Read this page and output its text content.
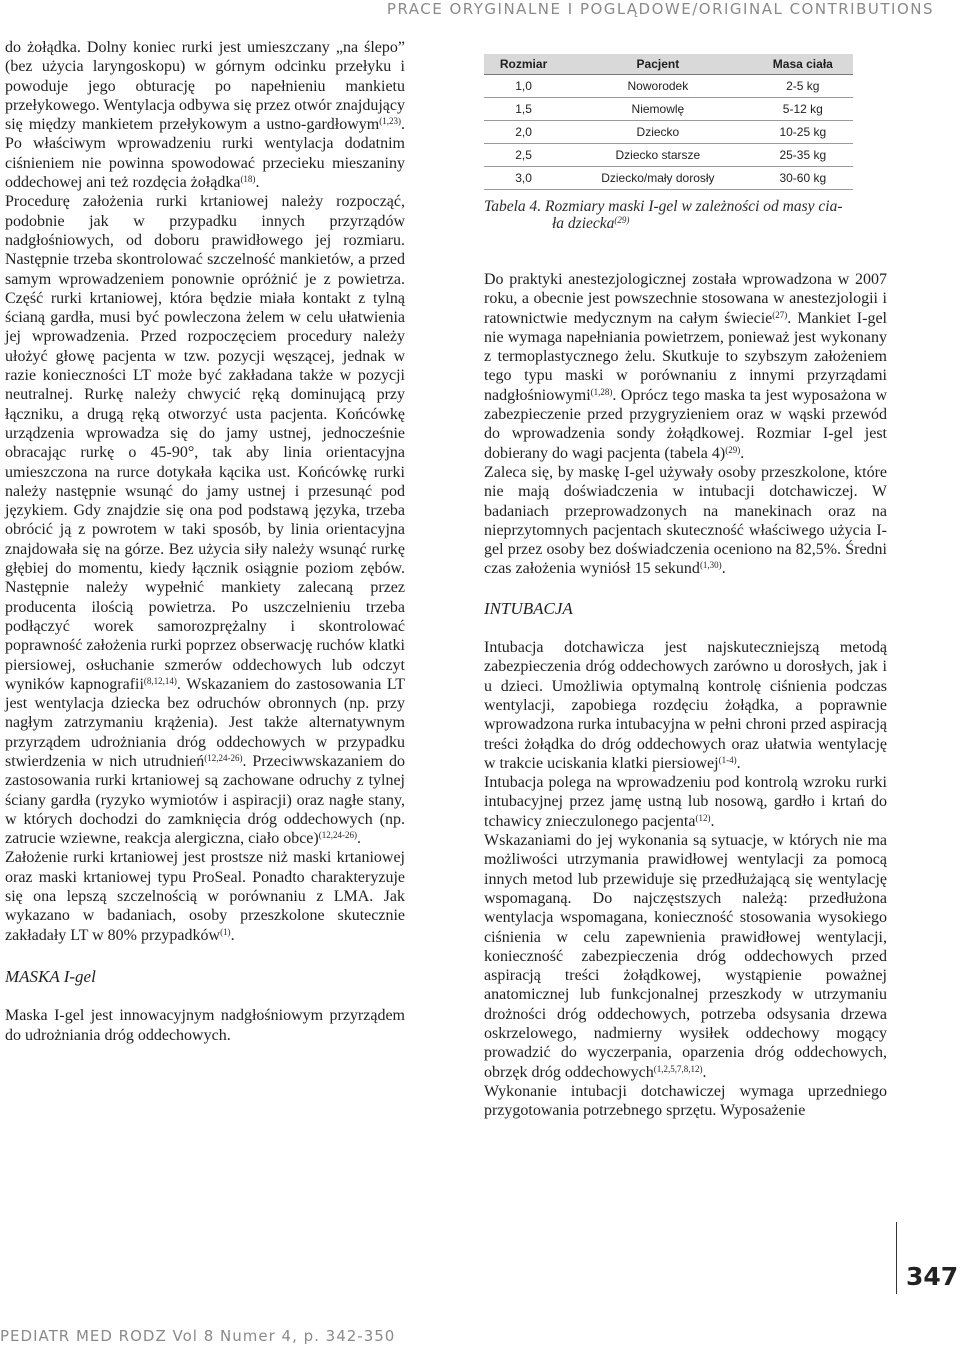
PRACE ORYGINALNE I POGLĄDOWE/ORIGINAL CONTRIBUTIONS

do żołądka. Dolny koniec rurki jest umieszczany „na ślepo” (bez użycia laryngoskopu) w górnym odcinku przełyku i powoduje jego obturację po napełnieniu mankietu przełykowego. Wentylacja odbywa się przez otwór znajdujący się między mankietem przełykowym a ustno-gardłowym$^{(1,23)}$. Po właściwym wprowadzeniu rurki wentylacja dodatnim ciśnieniem nie powinna spowodować przecieku mieszaniny oddechowej ani też rozdęcia żołądka$^{(18)}$.

Procedurę założenia rurki krtaniowej należy rozpocząć, podobnie jak w przypadku innych przyrządów nadgłośniowych, od doboru prawidłowego jej rozmiaru. Następnie trzeba skontrolować szczelność mankietów, a przed samym wprowadzeniem ponownie opróżnić je z powietrza. Część rurki krtaniowej, która będzie miała kontakt z tylną ścianą gardła, musi być powleczona żelem w celu ułatwienia jej wprowadzenia. Przed rozpoczęciem procedury należy ułożyć głowę pacjenta w tzw. pozycji węszącej, jednak w razie konieczności LT może być zakładana także w pozycji neutralnej. Rurkę należy chwycić ręką dominującą przy łączniku, a drugą ręką otworzyć usta pacjenta. Końcówkę urządzenia wprowadza się do jamy ustnej, jednocześnie obracając rurkę o 45-90°, tak aby linia orientacyjna umieszczona na rurce dotykała kącika ust. Końcówkę rurki należy następnie wsunąć do jamy ustnej i przesunąć pod językiem. Gdy znajdzie się ona pod podstawą języka, trzeba obrócić ją z powrotem w taki sposób, by linia orientacyjna znajdowała się na górze. Bez użycia siły należy wsunąć rurkę głębiej do momentu, kiedy łącznik osiągnie poziom zębów. Następnie należy wypełnić mankiety zalecaną przez producenta ilością powietrza. Po uszczelnieniu trzeba podłączyć worek samorozprężalny i skontrolować poprawność założenia rurki poprzez obserwację ruchów klatki piersiowej, osłuchanie szmerów oddechowych lub odczyt wyników kapnografii$^{(8,12,14)}$. Wskazaniem do zastosowania LT jest wentylacja dziecka bez odruchów obronnych (np. przy nagłym zatrzymaniu krążenia). Jest także alternatywnym przyrządem udrożniania dróg oddechowych w przypadku stwierdzenia w nich utrudnień$^{(12,24-26)}$. Przeciwwskazaniem do zastosowania rurki krtaniowej są zachowane odruchy z tylnej ściany gardła (ryzyko wymiotów i aspiracji) oraz nagłe stany, w których dochodzi do zamknięcia dróg oddechowych (np. zatrucie wziewne, reakcja alergiczna, ciało obce)$^{(12,24-26)}$.

Założenie rurki krtaniowej jest prostsze niż maski krtaniowej oraz maski krtaniowej typu ProSeal. Ponadto charakteryzuje się ona lepszą szczelnością w porównaniu z LMA. Jak wykazano w badaniach, osoby przeszkolone skutecznie zakładały LT w 80% przypadków$^{(1)}$.

MASKA I-gel

Maska I-gel jest innowacyjnym nadgłośniowym przyrządem do udrożniania dróg oddechowych.

Rozmiar	Pacjent	Masa ciała
1,0	Noworodek	2-5 kg
1,5	Niemowlę	5-12 kg
2,0	Dziecko	10-25 kg
2,5	Dziecko starsze	25-35 kg
3,0	Dziecko/mały dorosły	30-60 kg
Tabela 4. Rozmiary maski I-gel w zależności od masy cia-
ła dziecka$^{(29)}$

Do praktyki anestezjologicznej została wprowadzona w 2007 roku, a obecnie jest powszechnie stosowana w anestezjologii i ratownictwie medycznym na całym świecie$^{(27)}$. Mankiet I-gel nie wymaga napełniania powietrzem, ponieważ jest wykonany z termoplastycznego żelu. Skutkuje to szybszym założeniem tego typu maski w porównaniu z innymi przyrządami nadgłośniowymi$^{(1,28)}$. Oprócz tego maska ta jest wyposażona w zabezpieczenie przed przygryzieniem oraz w wąski przewód do wprowadzenia sondy żołądkowej. Rozmiar I-gel jest dobierany do wagi pacjenta (tabela 4)$^{(29)}$.

Zaleca się, by maskę I-gel używały osoby przeszkolone, które nie mają doświadczenia w intubacji dotchawiczej. W badaniach przeprowadzonych na manekinach oraz na nieprzytomnych pacjentach skuteczność właściwego użycia I-gel przez osoby bez doświadczenia oceniono na 82,5%. Średni czas założenia wyniósł 15 sekund$^{(1,30)}$.

INTUBACJA

Intubacja dotchawicza jest najskuteczniejszą metodą zabezpieczenia dróg oddechowych zarówno u dorosłych, jak i u dzieci. Umożliwia optymalną kontrolę ciśnienia podczas wentylacji, zapobiega rozdęciu żołądka, a poprawnie wprowadzona rurka intubacyjna w pełni chroni przed aspiracją treści żołądka do dróg oddechowych oraz ułatwia wentylację w trakcie uciskania klatki piersiowej$^{(1-4)}$.

Intubacja polega na wprowadzeniu pod kontrolą wzroku rurki intubacyjnej przez jamę ustną lub nosową, gardło i krtań do tchawicy znieczulonego pacjenta$^{(12)}$.

Wskazaniami do jej wykonania są sytuacje, w których nie ma możliwości utrzymania prawidłowej wentylacji za pomocą innych metod lub przewiduje się przedłużającą się wentylację wspomaganą. Do najczęstszych należą: przedłużona wentylacja wspomagana, konieczność stosowania wysokiego ciśnienia w celu zapewnienia prawidłowej wentylacji, konieczność zabezpieczenia dróg oddechowych przed aspiracją treści żołądkowej, wystąpienie poważnej anatomicznej lub funkcjonalnej przeszkody w utrzymaniu drożności dróg oddechowych, potrzeba odsysania drzewa oskrzelowego, nadmierny wysiłek oddechowy mogący prowadzić do wyczerpania, oparzenia dróg oddechowych, obrzęk dróg oddechowych$^{(1,2,5,7,8,12)}$.

Wykonanie intubacji dotchawiczej wymaga uprzedniego przygotowania potrzebnego sprzętu. Wyposażenie

347
PEDIATR MED RODZ Vol 8 Numer 4, p. 342-350
